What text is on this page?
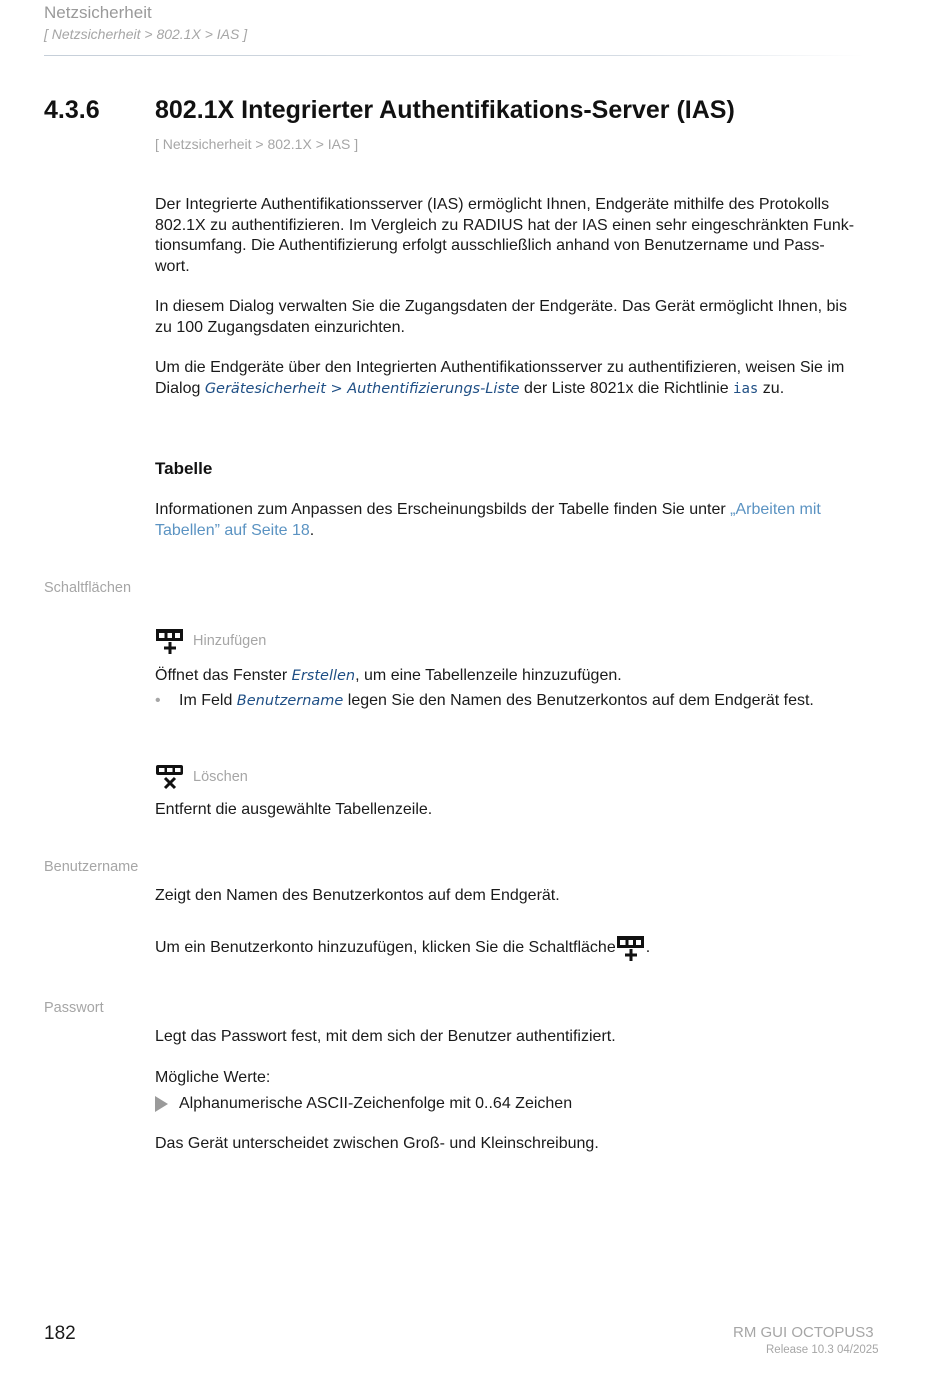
Netzsicherheit
[ Netzsicherheit > 802.1X > IAS ]
4.3.6 802.1X Integrierter Authentifikations-Server (IAS)
[ Netzsicherheit > 802.1X > IAS ]
Der Integrierte Authentifikationsserver (IAS) ermöglicht Ihnen, Endgeräte mithilfe des Protokolls
802.1X zu authentifizieren. Im Vergleich zu RADIUS hat der IAS einen sehr eingeschränkten Funk-
tionsumfang. Die Authentifizierung erfolgt ausschließlich anhand von Benutzername und Pass-
wort.
In diesem Dialog verwalten Sie die Zugangsdaten der Endgeräte. Das Gerät ermöglicht Ihnen, bis
zu 100 Zugangsdaten einzurichten.
Um die Endgeräte über den Integrierten Authentifikationsserver zu authentifizieren, weisen Sie im
Dialog Gerätesicherheit > Authentifizierungs-Liste der Liste 8021x die Richtlinie ias zu.
Tabelle
Informationen zum Anpassen des Erscheinungsbilds der Tabelle finden Sie unter „Arbeiten mit
Tabellen” auf Seite 18.
Schaltflächen
Hinzufügen
Öffnet das Fenster Erstellen, um eine Tabellenzeile hinzuzufügen.
•	Im Feld Benutzername legen Sie den Namen des Benutzerkontos auf dem Endgerät fest.
Löschen
Entfernt die ausgewählte Tabellenzeile.
Benutzername
Zeigt den Namen des Benutzerkontos auf dem Endgerät.
Um ein Benutzerkonto hinzuzufügen, klicken Sie die Schaltfläche .
Passwort
Legt das Passwort fest, mit dem sich der Benutzer authentifiziert.
Mögliche Werte:
Alphanumerische ASCII-Zeichenfolge mit 0..64 Zeichen
Das Gerät unterscheidet zwischen Groß- und Kleinschreibung.
182	RM GUI OCTOPUS3
Release 10.3 04/2025
